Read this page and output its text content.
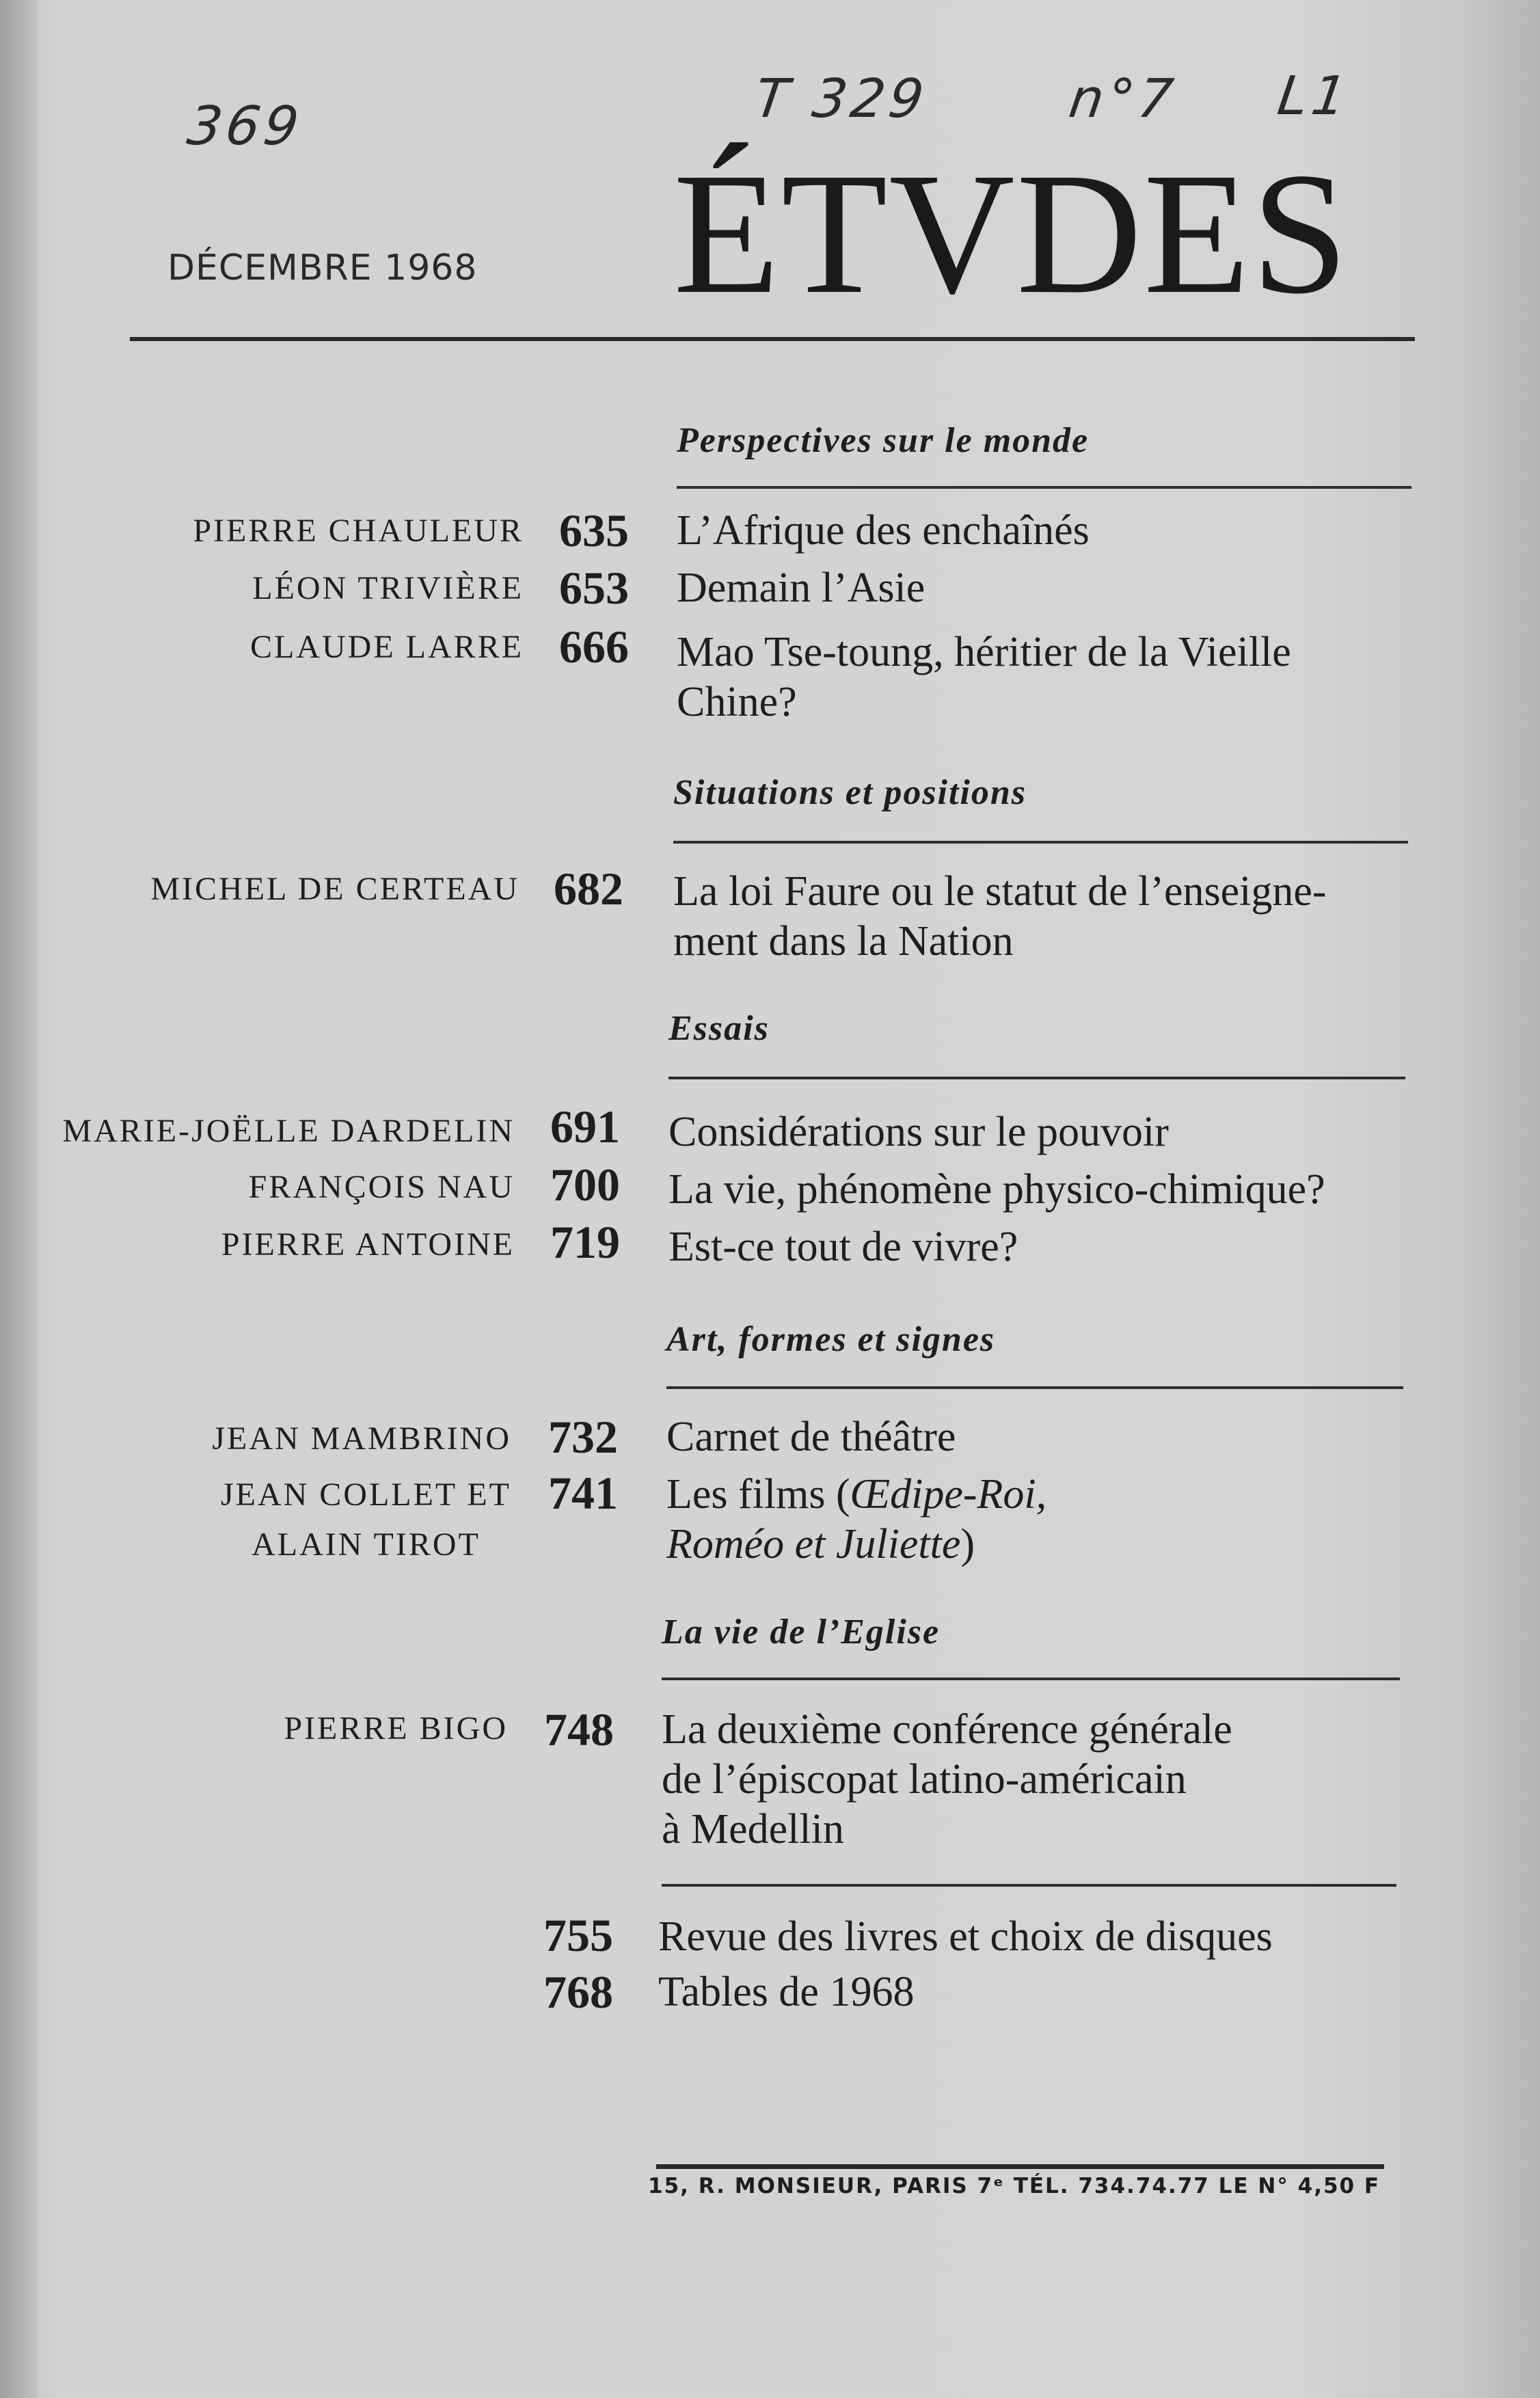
369	T 329	n°7 L1
DÉCEMBRE 1968 ÉTVDES
Perspectives sur le monde
PIERRE CHAULEUR 635 L’Afrique des enchaînés
LÉON TRIVIÈRE 653 Demain l’Asie
CLAUDE LARRE 666 Mao Tse-toung, héritier de la Vieille
Chine?
Situations et positions
MICHEL DE CERTEAU 682 La loi Faure ou le statut de l’enseigne-
ment dans la Nation
Essais
MARIE-JOËLLE DARDELIN 691 Considérations sur le pouvoir
FRANÇOIS NAU 700 La vie, phénomène physico-chimique?
PIERRE ANTOINE 719 Est-ce tout de vivre?
Art, formes et signes
JEAN MAMBRINO 732 Carnet de théâtre
JEAN COLLET ET
ALAIN TIROT
741 Les films (Œdipe-Roi,
Roméo et Juliette)
La vie de l’Eglise
PIERRE BIGO 748 La deuxième conférence générale
de l’épiscopat latino-américain
à Medellin
755 Revue des livres et choix de disques
768 Tables de 1968
15, R. MONSIEUR, PARIS 7ᵉ TÉL. 734.74.77 LE N° 4,50 F
